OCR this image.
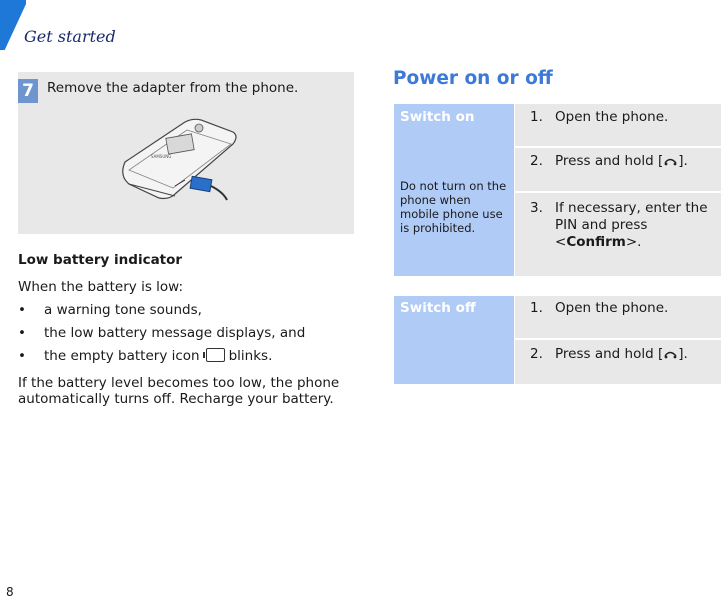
Get started
7 Remove the adapter from the phone.
SAMSUNG
Low battery indicator
When the battery is low:
• a warning tone sounds,
• the low battery message displays, and
• the empty battery icon blinks.
If the battery level becomes too low, the phone automatically turns off. Recharge your battery.
Power on or off
Switch on
Do not turn on the phone when mobile phone use is prohibited.
1. Open the phone.
2. Press and hold [ ].
3. If necessary, enter the
PIN and press
<Confirm>.
Switch off	1. Open the phone.
2. Press and hold [ ].
8
